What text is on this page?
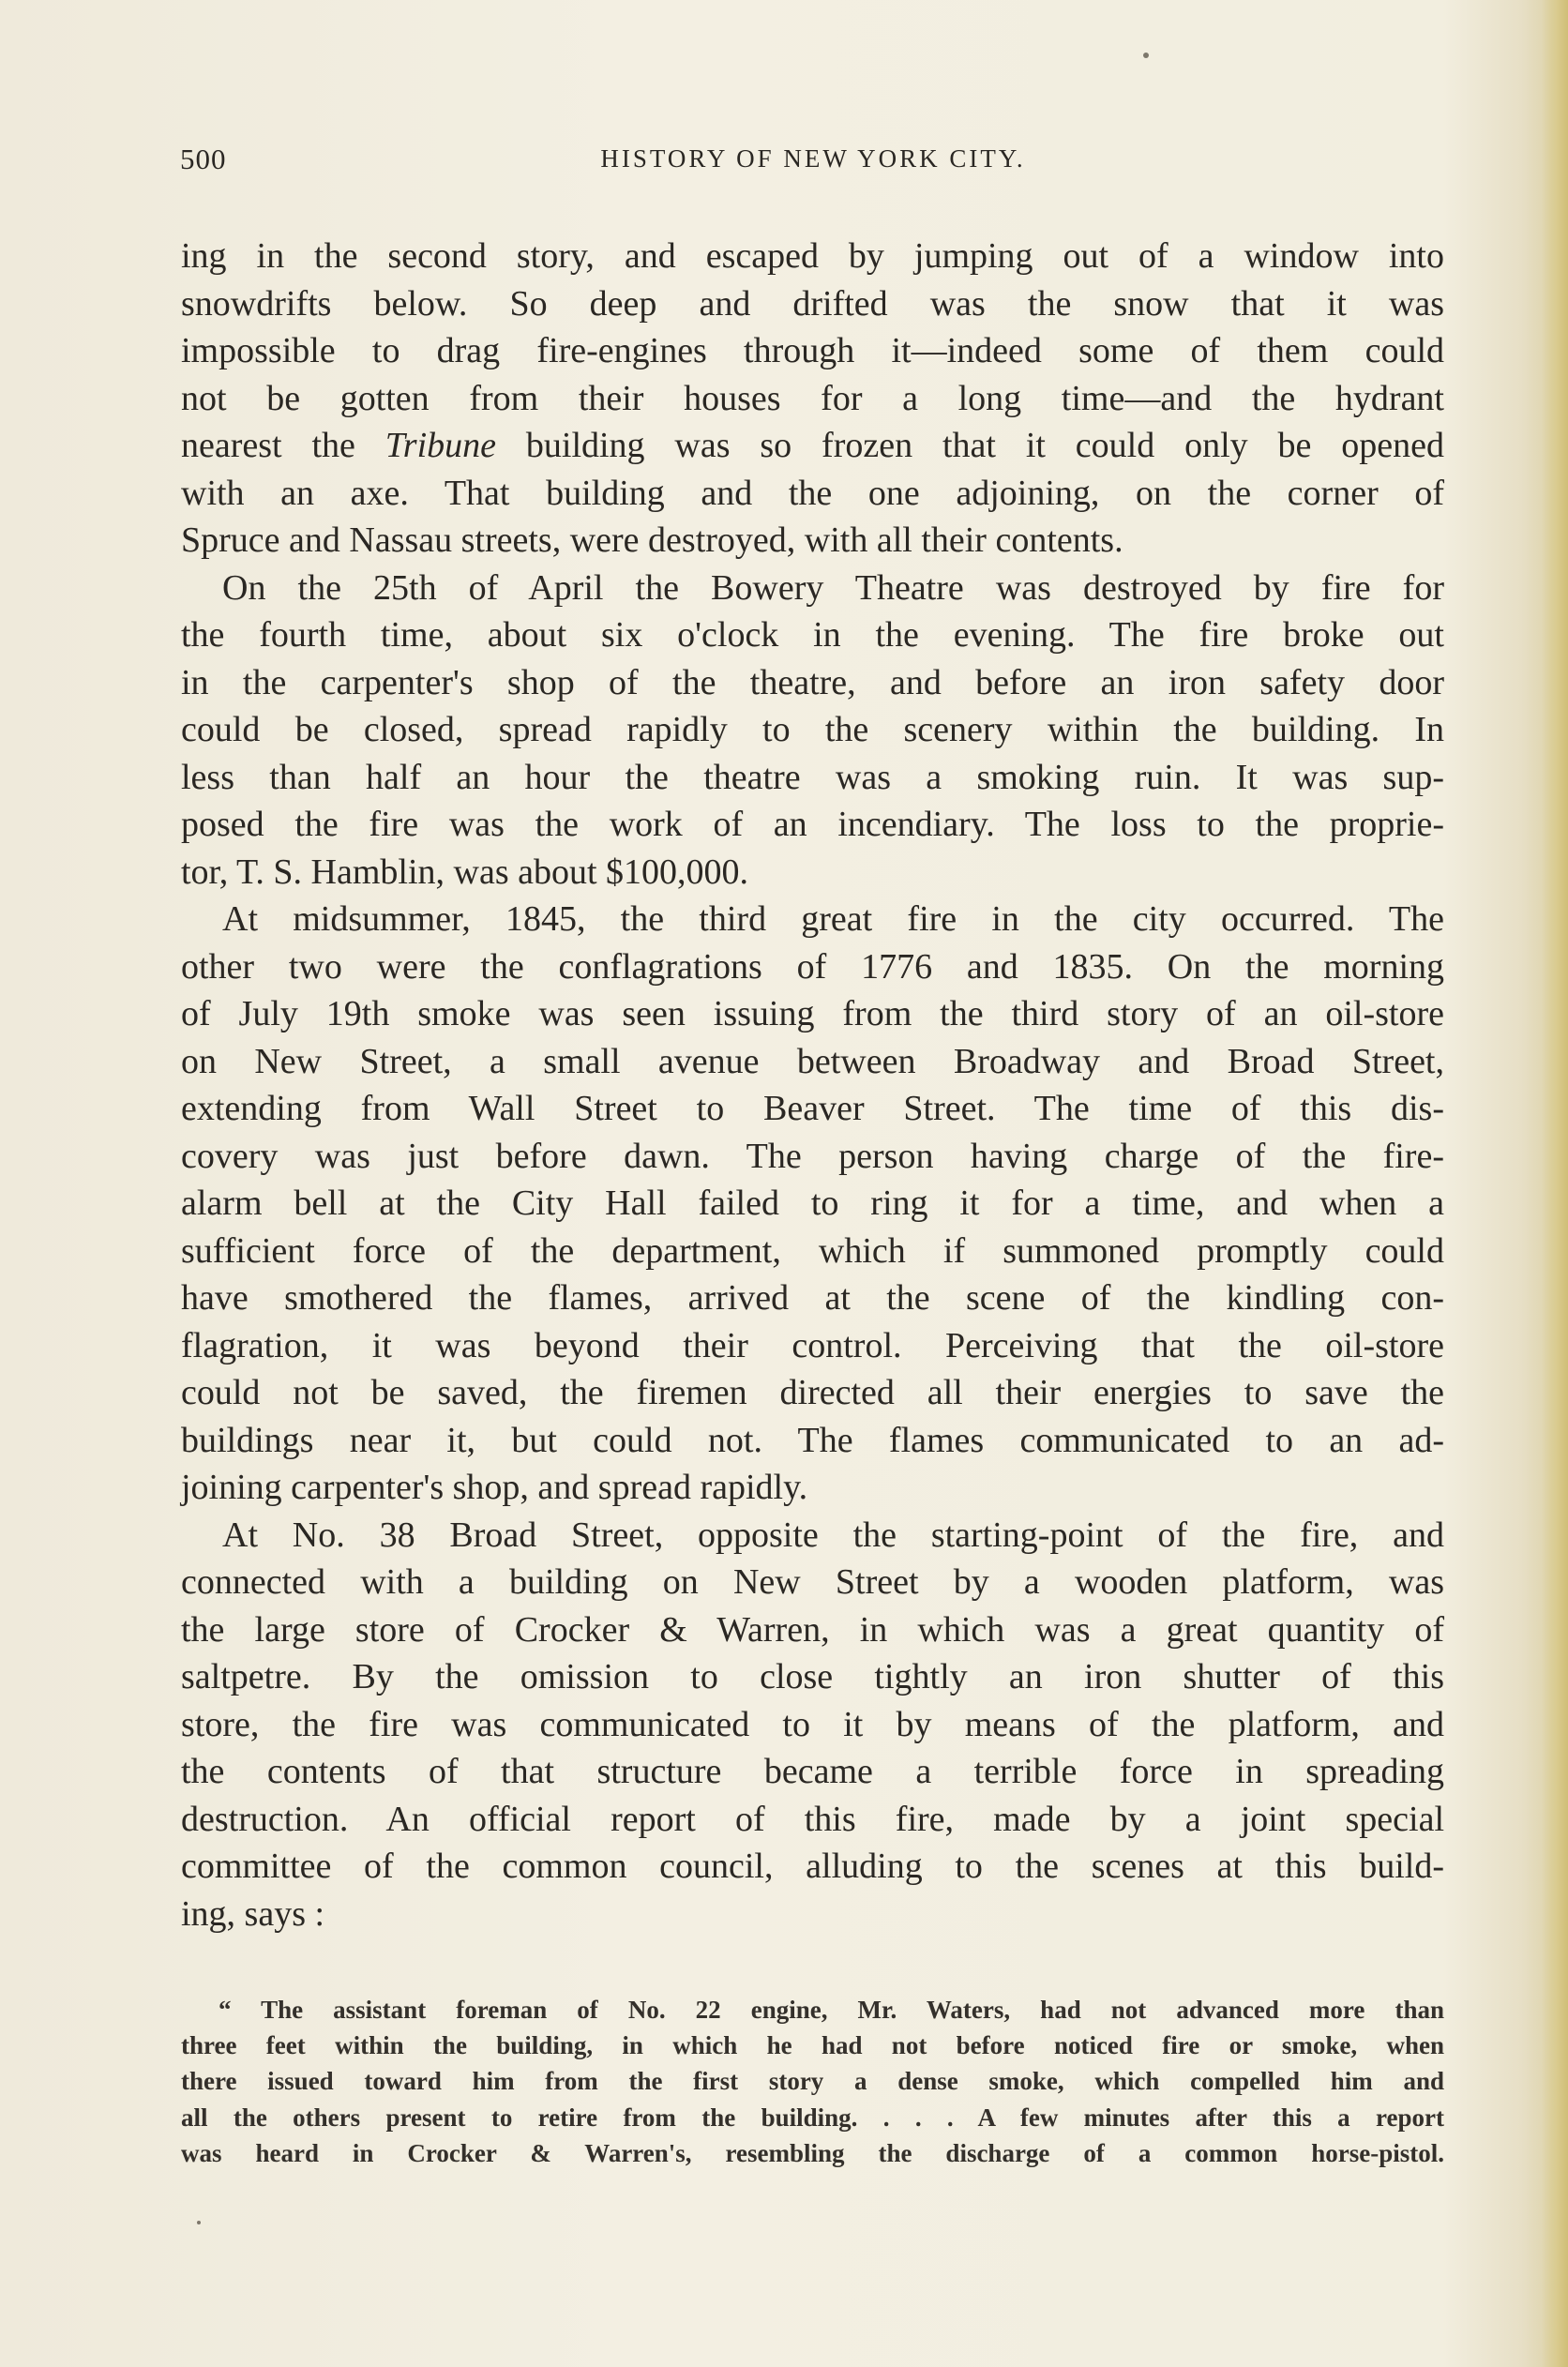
500	HISTORY OF NEW YORK CITY.
ing in the second story, and escaped by jumping out of a window into
snowdrifts below. So deep and drifted was the snow that it was
impossible to drag fire-engines through it—indeed some of them could
not be gotten from their houses for a long time—and the hydrant
nearest the Tribune building was so frozen that it could only be opened
with an axe. That building and the one adjoining, on the corner of
Spruce and Nassau streets, were destroyed, with all their contents.
On the 25th of April the Bowery Theatre was destroyed by fire for
the fourth time, about six o'clock in the evening. The fire broke out
in the carpenter's shop of the theatre, and before an iron safety door
could be closed, spread rapidly to the scenery within the building. In
less than half an hour the theatre was a smoking ruin. It was sup-
posed the fire was the work of an incendiary. The loss to the proprie-
tor, T. S. Hamblin, was about $100,000.
At midsummer, 1845, the third great fire in the city occurred. The
other two were the conflagrations of 1776 and 1835. On the morning
of July 19th smoke was seen issuing from the third story of an oil-store
on New Street, a small avenue between Broadway and Broad Street,
extending from Wall Street to Beaver Street. The time of this dis-
covery was just before dawn. The person having charge of the fire-
alarm bell at the City Hall failed to ring it for a time, and when a
sufficient force of the department, which if summoned promptly could
have smothered the flames, arrived at the scene of the kindling con-
flagration, it was beyond their control. Perceiving that the oil-store
could not be saved, the firemen directed all their energies to save the
buildings near it, but could not. The flames communicated to an ad-
joining carpenter's shop, and spread rapidly.
At No. 38 Broad Street, opposite the starting-point of the fire, and
connected with a building on New Street by a wooden platform, was
the large store of Crocker & Warren, in which was a great quantity of
saltpetre. By the omission to close tightly an iron shutter of this
store, the fire was communicated to it by means of the platform, and
the contents of that structure became a terrible force in spreading
destruction. An official report of this fire, made by a joint special
committee of the common council, alluding to the scenes at this build-
ing, says :
“ The assistant foreman of No. 22 engine, Mr. Waters, had not advanced more than
three feet within the building, in which he had not before noticed fire or smoke, when
there issued toward him from the first story a dense smoke, which compelled him and
all the others present to retire from the building. . . . A few minutes after this a report
was heard in Crocker & Warren's, resembling the discharge of a common horse-pistol.
